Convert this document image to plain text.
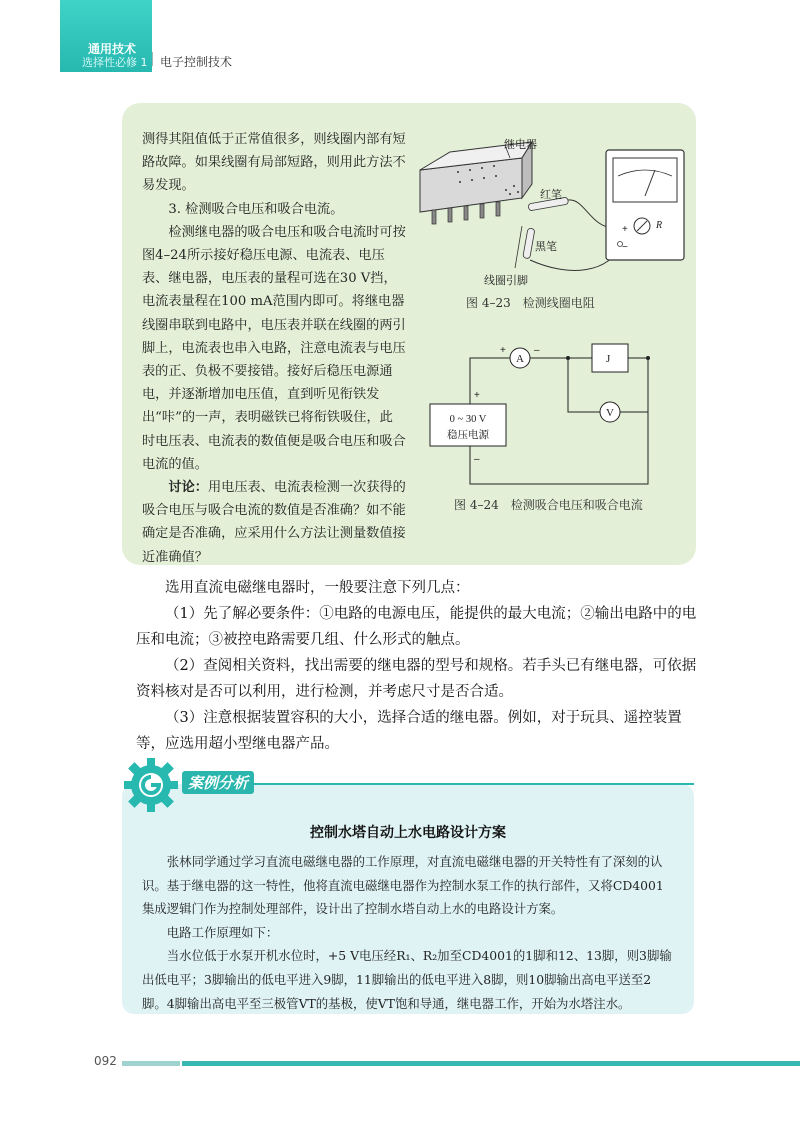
通用技术
选择性必修 1 电子控制技术

测得其阻值低于正常值很多，则线圈内部有短路故障。如果线圈有局部短路，则用此方法不易发现。

3. 检测吸合电压和吸合电流。

检测继电器的吸合电压和吸合电流时可按图4–24所示接好稳压电源、电流表、电压表、继电器，电压表的量程可选在30 V挡，电流表量程在100 mA范围内即可。将继电器线圈串联到电路中，电压表并联在线圈的两引脚上，电流表也串入电路，注意电流表与电压表的正、负极不要接错。接好后稳压电源通电，并逐渐增加电压值，直到听见衔铁发出“咔”的一声，表明磁铁已将衔铁吸住，此时电压表、电流表的数值便是吸合电压和吸合电流的值。

讨论：用电压表、电流表检测一次获得的吸合电压与吸合电流的数值是否准确？如不能确定是否准确，应采用什么方法让测量数值接近准确值？

继电器
红笔
黑笔
线圈引脚
+
−
R
图 4–23　检测线圈电阻
A
+	–
J
V
0 ~ 30 V
稳压电源
+
–
图 4–24　检测吸合电压和吸合电流

选用直流电磁继电器时，一般要注意下列几点：

（1）先了解必要条件：①电路的电源电压，能提供的最大电流；②输出电路中的电压和电流；③被控电路需要几组、什么形式的触点。

（2）查阅相关资料，找出需要的继电器的型号和规格。若手头已有继电器，可依据资料核对是否可以利用，进行检测，并考虑尺寸是否合适。

（3）注意根据装置容积的大小，选择合适的继电器。例如，对于玩具、遥控装置等，应选用超小型继电器产品。

案例分析
控制水塔自动上水电路设计方案

张林同学通过学习直流电磁继电器的工作原理，对直流电磁继电器的开关特性有了深刻的认识。基于继电器的这一特性，他将直流电磁继电器作为控制水泵工作的执行部件，又将CD4001集成逻辑门作为控制处理部件，设计出了控制水塔自动上水的电路设计方案。

电路工作原理如下：

当水位低于水泵开机水位时，+5 V电压经R₁、R₂加至CD4001的1脚和12、13脚，则3脚输出低电平；3脚输出的低电平进入9脚，11脚输出的低电平进入8脚，则10脚输出高电平送至2脚。4脚输出高电平至三极管VT的基极，使VT饱和导通，继电器工作，开始为水塔注水。

092
